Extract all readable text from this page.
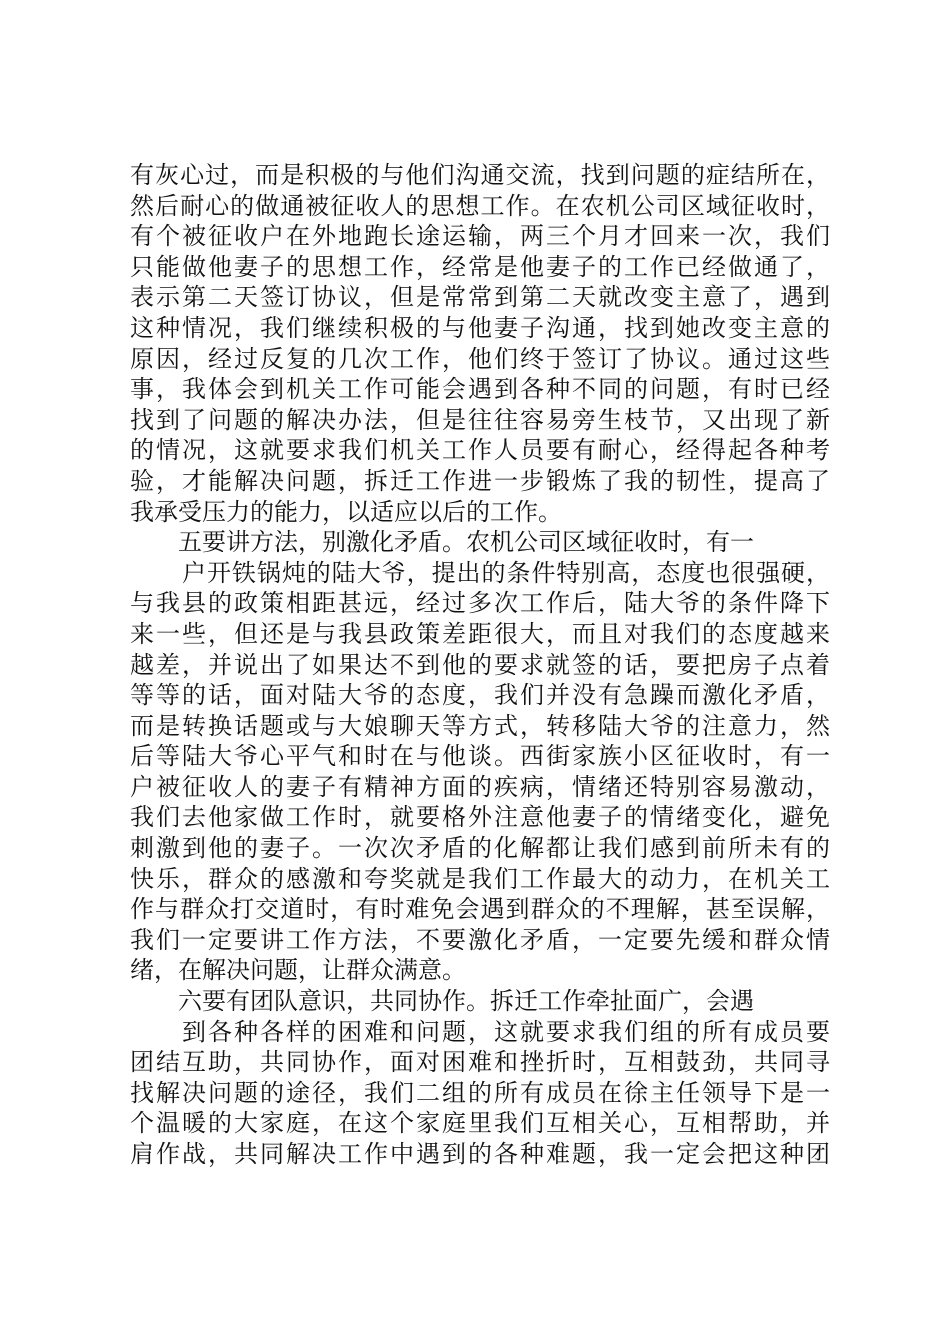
有灰心过，而是积极的与他们沟通交流，找到问题的症结所在，
然后耐心的做通被征收人的思想工作。在农机公司区域征收时，
有个被征收户在外地跑长途运输，两三个月才回来一次，我们
只能做他妻子的思想工作，经常是他妻子的工作已经做通了，
表示第二天签订协议，但是常常到第二天就改变主意了，遇到
这种情况，我们继续积极的与他妻子沟通，找到她改变主意的
原因，经过反复的几次工作，他们终于签订了协议。通过这些
事，我体会到机关工作可能会遇到各种不同的问题，有时已经
找到了问题的解决办法，但是往往容易旁生枝节，又出现了新
的情况，这就要求我们机关工作人员要有耐心，经得起各种考
验，才能解决问题，拆迁工作进一步锻炼了我的韧性，提高了
我承受压力的能力，以适应以后的工作。
五要讲方法，别激化矛盾。农机公司区域征收时，有一
户开铁锅炖的陆大爷，提出的条件特别高，态度也很强硬，
与我县的政策相距甚远，经过多次工作后，陆大爷的条件降下
来一些，但还是与我县政策差距很大，而且对我们的态度越来
越差，并说出了如果达不到他的要求就签的话，要把房子点着
等等的话，面对陆大爷的态度，我们并没有急躁而激化矛盾，
而是转换话题或与大娘聊天等方式，转移陆大爷的注意力，然
后等陆大爷心平气和时在与他谈。西街家族小区征收时，有一
户被征收人的妻子有精神方面的疾病，情绪还特别容易激动，
我们去他家做工作时，就要格外注意他妻子的情绪变化，避免
刺激到他的妻子。一次次矛盾的化解都让我们感到前所未有的
快乐，群众的感激和夸奖就是我们工作最大的动力，在机关工
作与群众打交道时，有时难免会遇到群众的不理解，甚至误解，
我们一定要讲工作方法，不要激化矛盾，一定要先缓和群众情
绪，在解决问题，让群众满意。
六要有团队意识，共同协作。拆迁工作牵扯面广，会遇
到各种各样的困难和问题，这就要求我们组的所有成员要
团结互助，共同协作，面对困难和挫折时，互相鼓劲，共同寻
找解决问题的途径，我们二组的所有成员在徐主任领导下是一
个温暖的大家庭，在这个家庭里我们互相关心，互相帮助，并
肩作战，共同解决工作中遇到的各种难题，我一定会把这种团
